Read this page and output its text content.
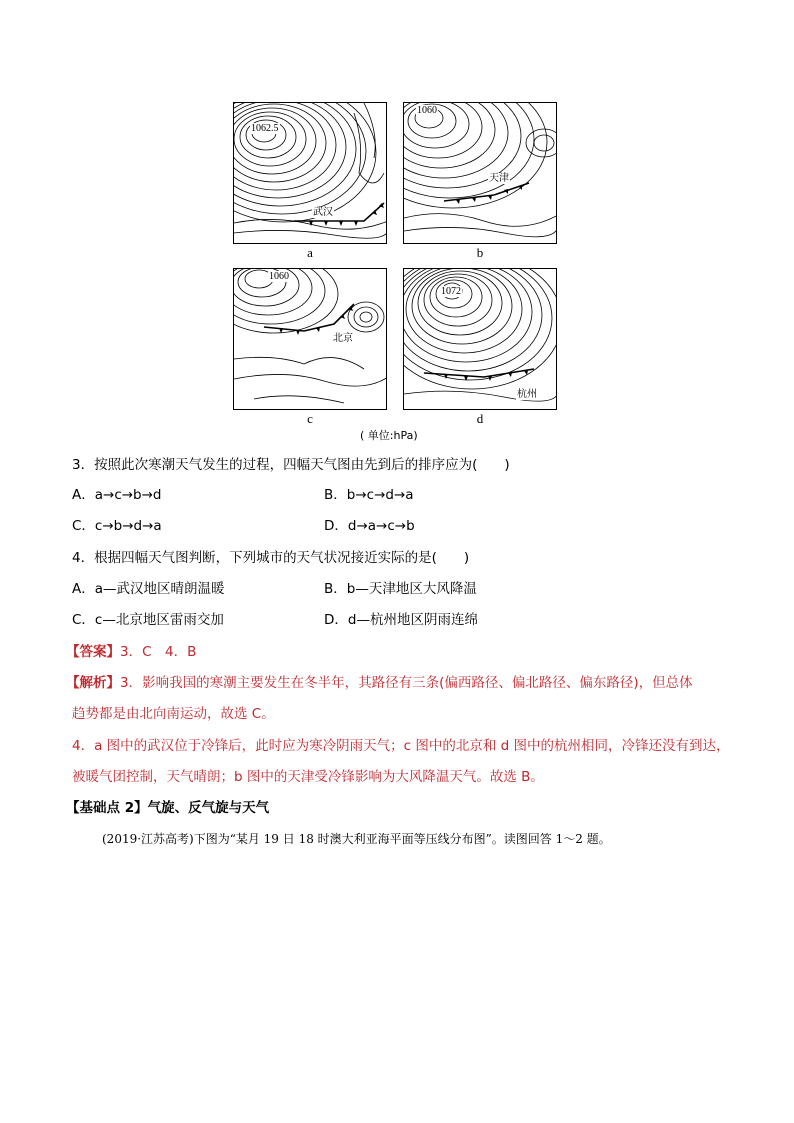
1062.5
武汉
a
1060
天津
b
1060
北京
c
1072
杭州
d
( 单位:hPa)
3．按照此次寒潮天气发生的过程，四幅天气图由先到后的排序应为(　　)
A．a→c→b→d	B．b→c→d→a
C．c→b→d→a	D．d→a→c→b
4．根据四幅天气图判断，下列城市的天气状况接近实际的是(　　)
A．a—武汉地区晴朗温暖	B．b—天津地区大风降温
C．c—北京地区雷雨交加	D．d—杭州地区阴雨连绵
【答案】3．C　4．B
【解析】3．影响我国的寒潮主要发生在冬半年，其路径有三条(偏西路径、偏北路径、偏东路径)，但总体
趋势都是由北向南运动，故选 C。
4．a 图中的武汉位于冷锋后，此时应为寒冷阴雨天气；c 图中的北京和 d 图中的杭州相同，冷锋还没有到达，
被暖气团控制，天气晴朗；b 图中的天津受冷锋影响为大风降温天气。故选 B。
【基础点 2】气旋、反气旋与天气
(2019·江苏高考)下图为“某月 19 日 18 时澳大利亚海平面等压线分布图”。读图回答 1～2 题。
